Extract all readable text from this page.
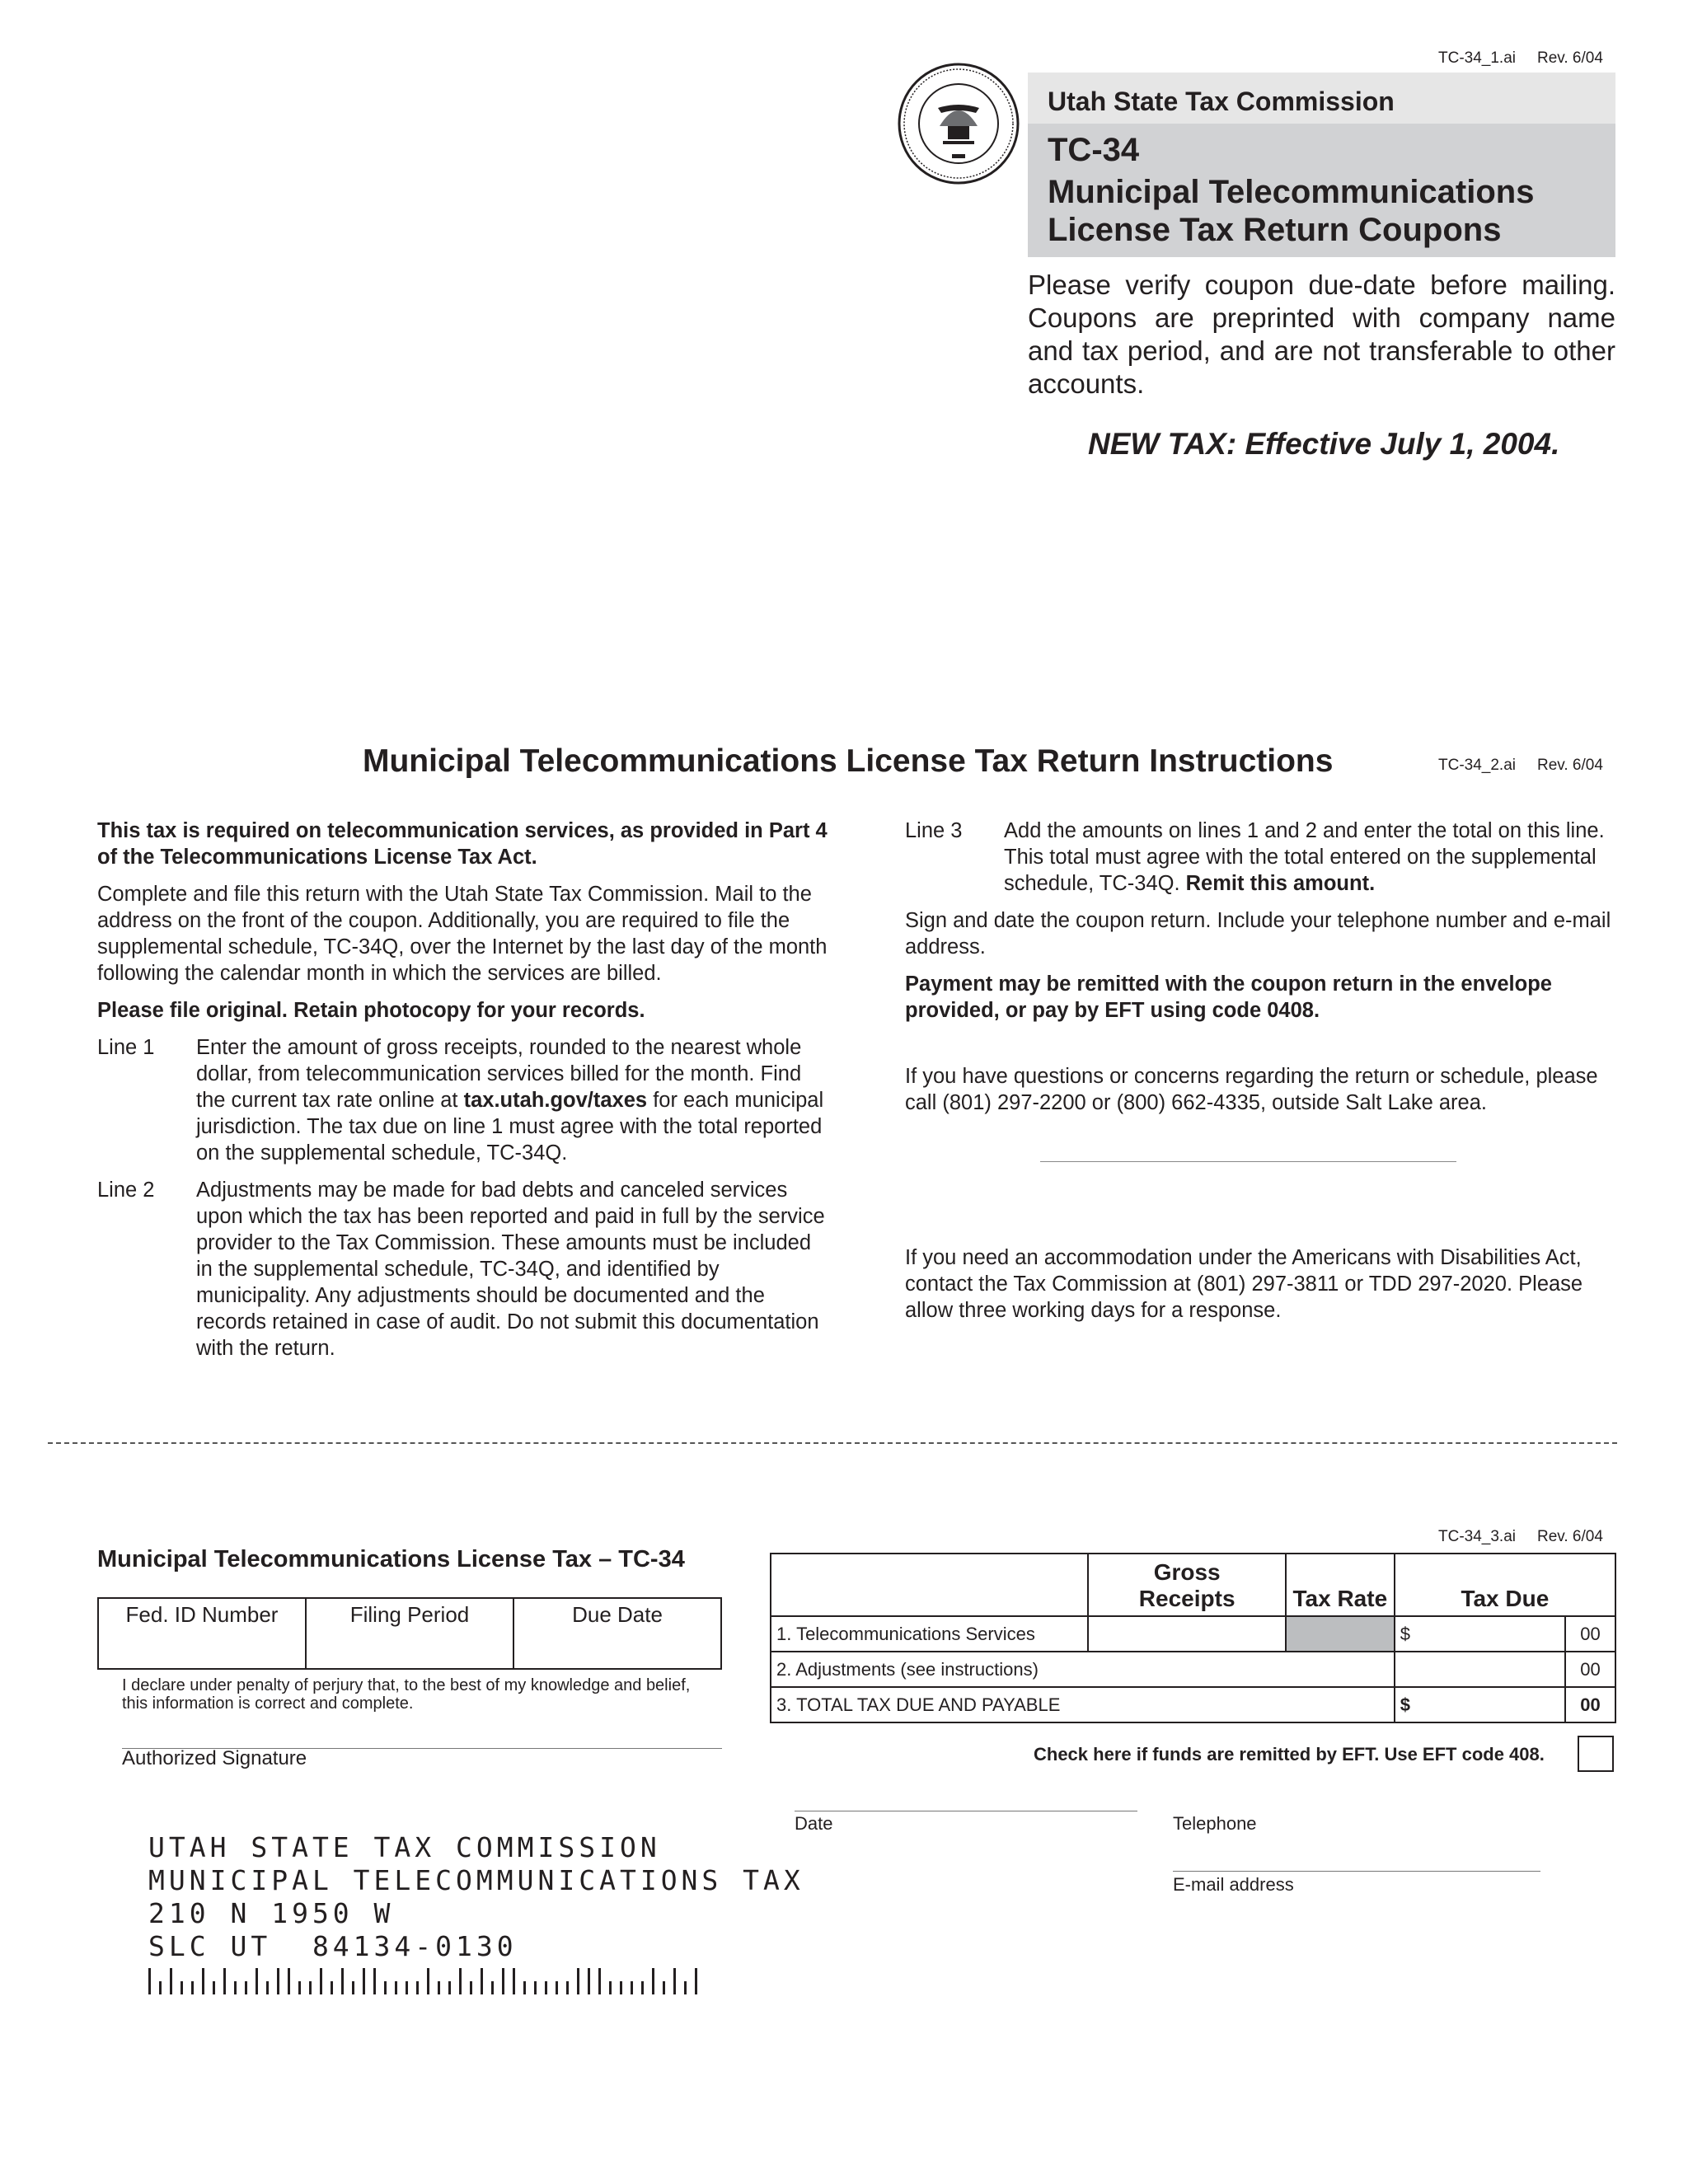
TC-34_1.ai Rev. 6/04
Utah State Tax Commission
TC-34
Municipal Telecommunications
License Tax Return Coupons
Please verify coupon due-date before mailing. Coupons are preprinted with company name and tax period, and are not transferable to other accounts.
NEW TAX: Effective July 1, 2004.
Municipal Telecommunications License Tax Return Instructions	TC-34_2.ai Rev. 6/04

This tax is required on telecommunication services, as provided in Part 4 of the Telecommunications License Tax Act.

Complete and file this return with the Utah State Tax Commission. Mail to the address on the front of the coupon. Additionally, you are required to file the supplemental schedule, TC-34Q, over the Internet by the last day of the month following the calendar month in which the services are billed.

Please file original. Retain photocopy for your records.

Line 1 Enter the amount of gross receipts, rounded to the nearest whole dollar, from telecommunication services billed for the month. Find the current tax rate online at tax.utah.gov/taxes for each municipal jurisdiction. The tax due on line 1 must agree with the total reported on the supplemental schedule, TC-34Q.
Line 2 Adjustments may be made for bad debts and canceled services upon which the tax has been reported and paid in full by the service provider to the Tax Commission. These amounts must be included in the supplemental schedule, TC-34Q, and identified by municipality. Any adjustments should be documented and the records retained in case of audit. Do not submit this documentation with the return.
Line 3 Add the amounts on lines 1 and 2 and enter the total on this line. This total must agree with the total entered on the supplemental schedule, TC-34Q. Remit this amount.

Sign and date the coupon return. Include your telephone number and e-mail address.

Payment may be remitted with the coupon return in the envelope provided, or pay by EFT using code 0408.

If you have questions or concerns regarding the return or schedule, please call (801) 297-2200 or (800) 662-4335, outside Salt Lake area.

If you need an accommodation under the Americans with Disabilities Act, contact the Tax Commission at (801) 297-3811 or TDD 297-2020. Please allow three working days for a response.
Municipal Telecommunications License Tax – TC-34
TC-34_3.ai Rev. 6/04
Fed. ID Number	Filing Period	Due Date
I declare under penalty of perjury that, to the best of my knowledge and belief, this information is correct and complete.
Authorized Signature
UTAH STATE TAX COMMISSION
MUNICIPAL TELECOMMUNICATIONS TAX
210 N 1950 W
SLC UT  84134-0130
	Gross
Receipts	Tax Rate	Tax Due	
1. Telecommunications Services			$	00
2. Adjustments (see instructions)				00
3. TOTAL TAX DUE AND PAYABLE			$	00
Check here if funds are remitted by EFT. Use EFT code 408.
Date	Telephone
E-mail address
